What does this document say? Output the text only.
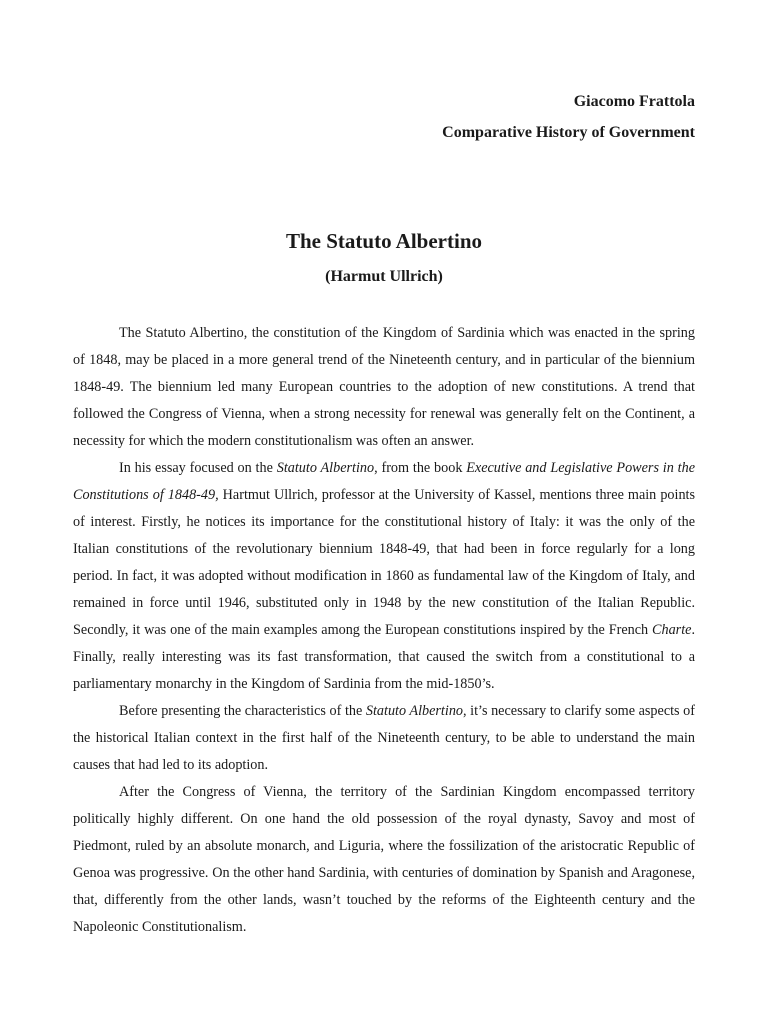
Giacomo Frattola
Comparative History of Government
The Statuto Albertino
(Harmut Ullrich)

The Statuto Albertino, the constitution of the Kingdom of Sardinia which was enacted in the spring of 1848, may be placed in a more general trend of the Nineteenth century, and in particular of the biennium 1848-49. The biennium led many European countries to the adoption of new constitutions. A trend that followed the Congress of Vienna, when a strong necessity for renewal was generally felt on the Continent, a necessity for which the modern constitutionalism was often an answer.

In his essay focused on the Statuto Albertino, from the book Executive and Legislative Powers in the Constitutions of 1848-49, Hartmut Ullrich, professor at the University of Kassel, mentions three main points of interest. Firstly, he notices its importance for the constitutional history of Italy: it was the only of the Italian constitutions of the revolutionary biennium 1848-49, that had been in force regularly for a long period. In fact, it was adopted without modification in 1860 as fundamental law of the Kingdom of Italy, and remained in force until 1946, substituted only in 1948 by the new constitution of the Italian Republic. Secondly, it was one of the main examples among the European constitutions inspired by the French Charte. Finally, really interesting was its fast transformation, that caused the switch from a constitutional to a parliamentary monarchy in the Kingdom of Sardinia from the mid-1850’s.

Before presenting the characteristics of the Statuto Albertino, it’s necessary to clarify some aspects of the historical Italian context in the first half of the Nineteenth century, to be able to understand the main causes that had led to its adoption.

After the Congress of Vienna, the territory of the Sardinian Kingdom encompassed territory politically highly different. On one hand the old possession of the royal dynasty, Savoy and most of Piedmont, ruled by an absolute monarch, and Liguria, where the fossilization of the aristocratic Republic of Genoa was progressive. On the other hand Sardinia, with centuries of domination by Spanish and Aragonese, that, differently from the other lands, wasn’t touched by the reforms of the Eighteenth century and the Napoleonic Constitutionalism.
